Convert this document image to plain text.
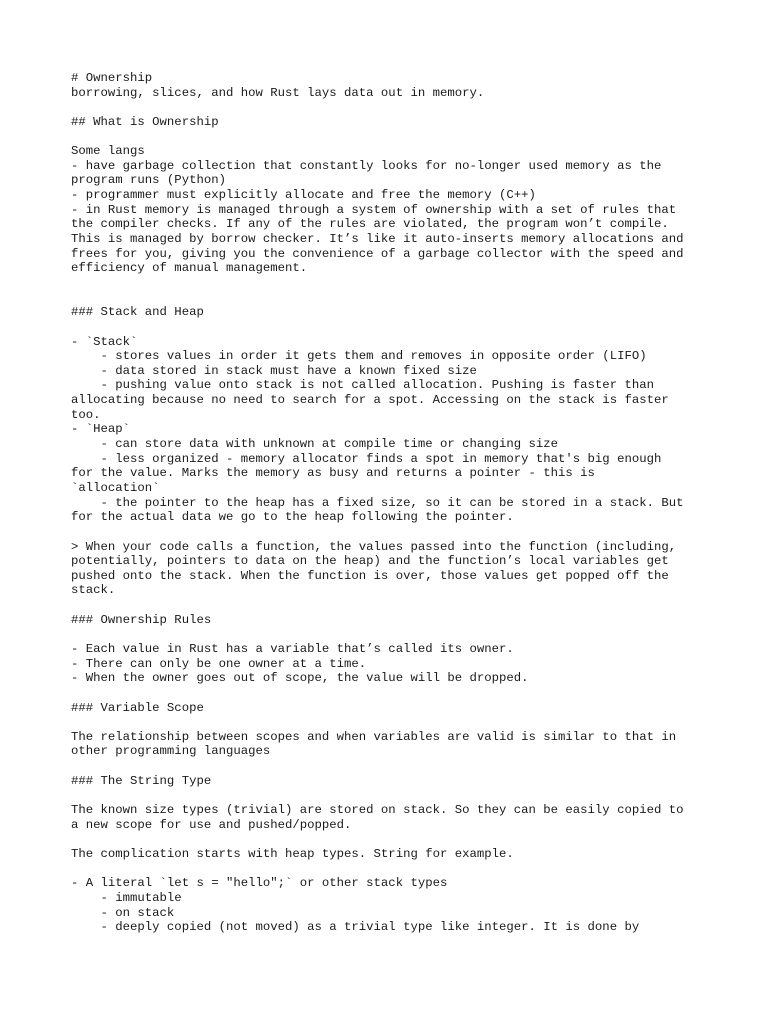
# Ownership
borrowing, slices, and how Rust lays data out in memory.
## What is Ownership
Some langs
- have garbage collection that constantly looks for no-longer used memory as the
program runs (Python)
- programmer must explicitly allocate and free the memory (C++)
- in Rust memory is managed through a system of ownership with a set of rules that
the compiler checks. If any of the rules are violated, the program won’t compile.
This is managed by borrow checker. It’s like it auto-inserts memory allocations and
frees for you, giving you the convenience of a garbage collector with the speed and
efficiency of manual management.
### Stack and Heap
- `Stack`
- stores values in order it gets them and removes in opposite order (LIFO)
- data stored in stack must have a known fixed size
- pushing value onto stack is not called allocation. Pushing is faster than
allocating because no need to search for a spot. Accessing on the stack is faster
too.
- `Heap`
- can store data with unknown at compile time or changing size
- less organized - memory allocator finds a spot in memory that's big enough
for the value. Marks the memory as busy and returns a pointer - this is
`allocation`
- the pointer to the heap has a fixed size, so it can be stored in a stack. But
for the actual data we go to the heap following the pointer.
> When your code calls a function, the values passed into the function (including,
potentially, pointers to data on the heap) and the function’s local variables get
pushed onto the stack. When the function is over, those values get popped off the
stack.
### Ownership Rules
- Each value in Rust has a variable that’s called its owner.
- There can only be one owner at a time.
- When the owner goes out of scope, the value will be dropped.
### Variable Scope
The relationship between scopes and when variables are valid is similar to that in
other programming languages
### The String Type
The known size types (trivial) are stored on stack. So they can be easily copied to
a new scope for use and pushed/popped.
The complication starts with heap types. String for example.
- A literal `let s = "hello";` or other stack types
- immutable
- on stack
- deeply copied (not moved) as a trivial type like integer. It is done by
